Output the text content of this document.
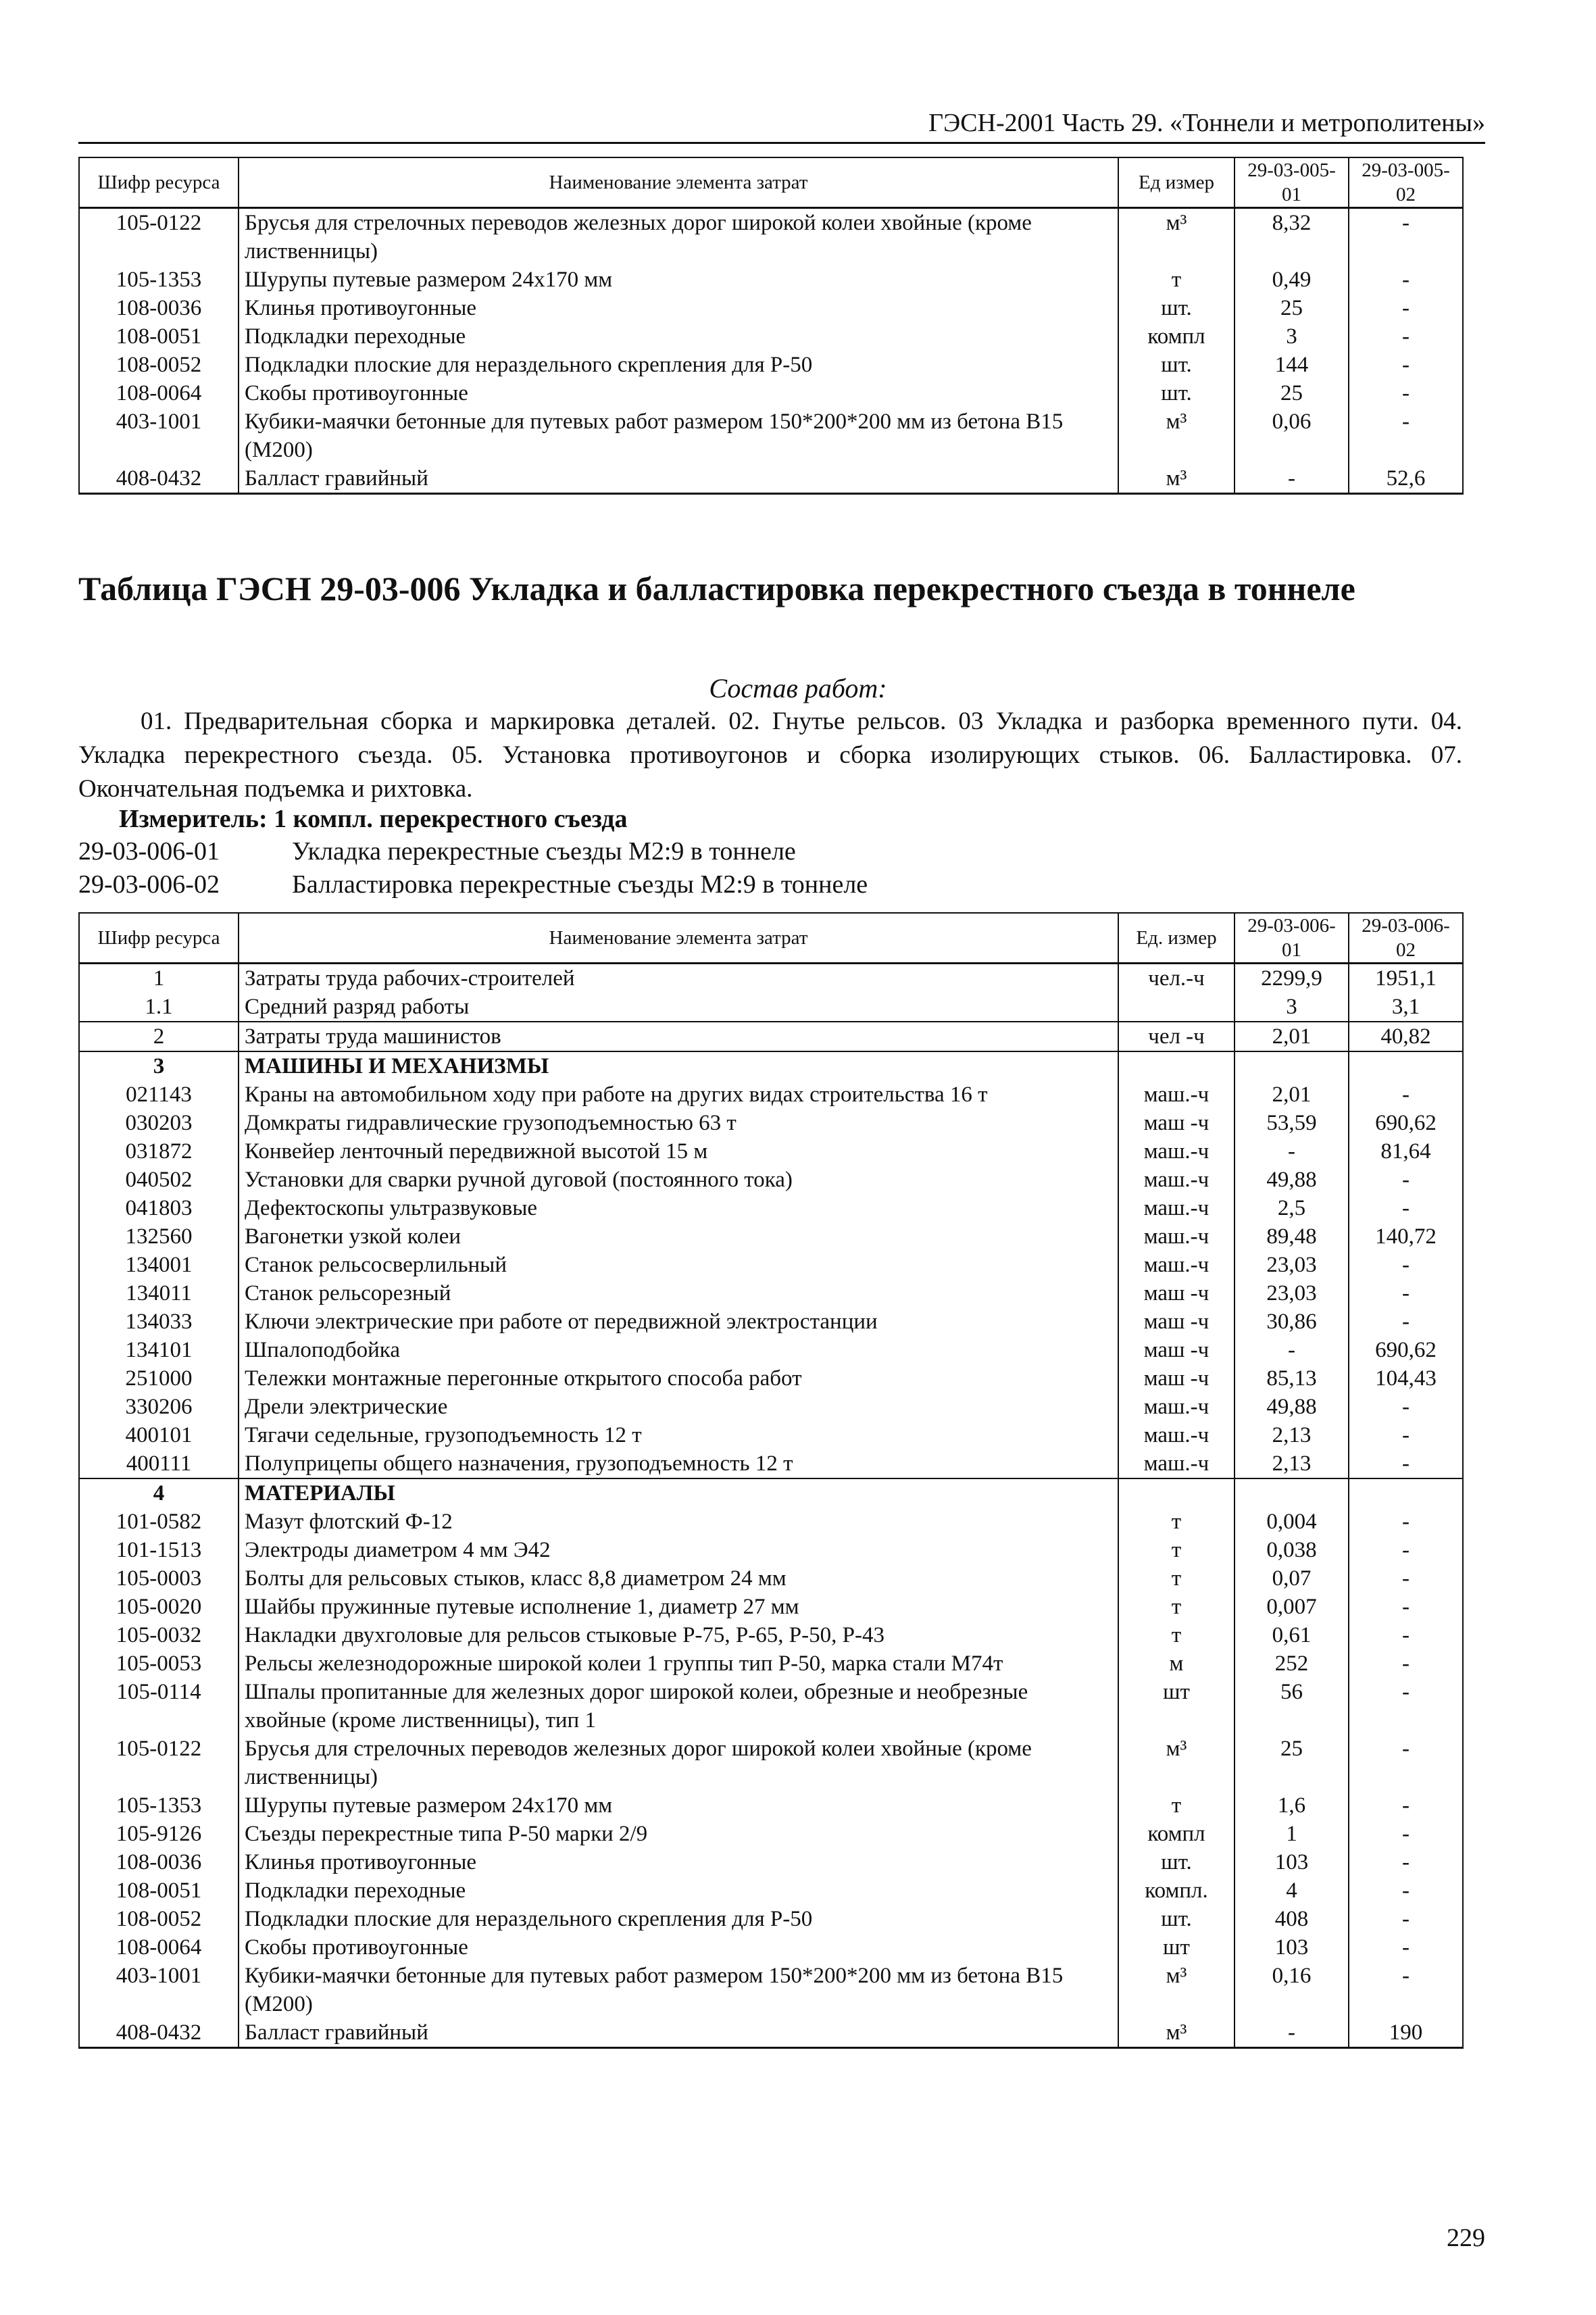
ГЭСН-2001 Часть 29. «Тоннели и метрополитены»
Шифр ресурса	Наименование элемента затрат	Ед измер	29-03-005-01	29-03-005-02
105-0122	Брусья для стрелочных переводов железных дорог широкой колеи хвойные (кроме лиственницы)	м³	8,32	-
105-1353	Шурупы путевые размером 24x170 мм	т	0,49	-
108-0036	Клинья противоугонные	шт.	25	-
108-0051	Подкладки переходные	компл	3	-
108-0052	Подкладки плоские для нераздельного скрепления для Р-50	шт.	144	-
108-0064	Скобы противоугонные	шт.	25	-
403-1001	Кубики-маячки бетонные для путевых работ размером 150*200*200 мм из бетона В15 (М200)	м³	0,06	-
408-0432	Балласт гравийный	м³	-	52,6
Таблица ГЭСН 29-03-006 Укладка и балластировка перекрестного съезда в тоннеле
Состав работ:
01. Предварительная сборка и маркировка деталей. 02. Гнутье рельсов. 03 Укладка и разборка временного пути. 04. Укладка перекрестного съезда. 05. Установка противоугонов и сборка изолирующих стыков. 06. Балластировка. 07. Окончательная подъемка и рихтовка.
Измеритель: 1 компл. перекрестного съезда
29-03-006-01	Укладка перекрестные съезды М2:9 в тоннеле
29-03-006-02	Балластировка перекрестные съезды М2:9 в тоннеле
Шифр ресурса	Наименование элемента затрат	Ед. измер	29-03-006-01	29-03-006-02
1	Затраты труда рабочих-строителей	чел.-ч	2299,9	1951,1
1.1	Средний разряд работы		3	3,1
2	Затраты труда машинистов	чел -ч	2,01	40,82
3	МАШИНЫ И МЕХАНИЗМЫ			
021143	Краны на автомобильном ходу при работе на других видах строительства 16 т	маш.-ч	2,01	-
030203	Домкраты гидравлические грузоподъемностью 63 т	маш -ч	53,59	690,62
031872	Конвейер ленточный передвижной высотой 15 м	маш.-ч	-	81,64
040502	Установки для сварки ручной дуговой (постоянного тока)	маш.-ч	49,88	-
041803	Дефектоскопы ультразвуковые	маш.-ч	2,5	-
132560	Вагонетки узкой колеи	маш.-ч	89,48	140,72
134001	Станок рельсосверлильный	маш.-ч	23,03	-
134011	Станок рельсорезный	маш -ч	23,03	-
134033	Ключи электрические при работе от передвижной электростанции	маш -ч	30,86	-
134101	Шпалоподбойка	маш -ч	-	690,62
251000	Тележки монтажные перегонные открытого способа работ	маш -ч	85,13	104,43
330206	Дрели электрические	маш.-ч	49,88	-
400101	Тягачи седельные, грузоподъемность 12 т	маш.-ч	2,13	-
400111	Полуприцепы общего назначения, грузоподъемность 12 т	маш.-ч	2,13	-
4	МАТЕРИАЛЫ			
101-0582	Мазут флотский Ф-12	т	0,004	-
101-1513	Электроды диаметром 4 мм Э42	т	0,038	-
105-0003	Болты для рельсовых стыков, класс 8,8 диаметром 24 мм	т	0,07	-
105-0020	Шайбы пружинные путевые исполнение 1, диаметр 27 мм	т	0,007	-
105-0032	Накладки двухголовые для рельсов стыковые Р-75, Р-65, Р-50, Р-43	т	0,61	-
105-0053	Рельсы железнодорожные широкой колеи 1 группы тип Р-50, марка стали М74т	м	252	-
105-0114	Шпалы пропитанные для железных дорог широкой колеи, обрезные и необрезные хвойные (кроме лиственницы), тип 1	шт	56	-
105-0122	Брусья для стрелочных переводов железных дорог широкой колеи хвойные (кроме лиственницы)	м³	25	-
105-1353	Шурупы путевые размером 24x170 мм	т	1,6	-
105-9126	Съезды перекрестные типа Р-50 марки 2/9	компл	1	-
108-0036	Клинья противоугонные	шт.	103	-
108-0051	Подкладки переходные	компл.	4	-
108-0052	Подкладки плоские для нераздельного скрепления для Р-50	шт.	408	-
108-0064	Скобы противоугонные	шт	103	-
403-1001	Кубики-маячки бетонные для путевых работ размером 150*200*200 мм из бетона В15 (М200)	м³	0,16	-
408-0432	Балласт гравийный	м³	-	190
229
